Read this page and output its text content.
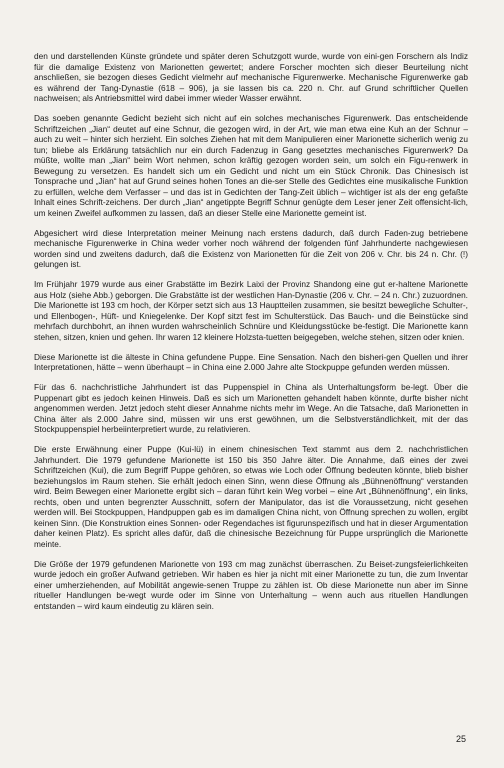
den und darstellenden Künste gründete und später deren Schutzgott wurde, wurde von eini-gen Forschern als Indiz für die damalige Existenz von Marionetten gewertet; andere Forscher mochten sich dieser Beurteilung nicht anschließen, sie bezogen dieses Gedicht vielmehr auf mechanische Figurenwerke. Mechanische Figurenwerke gab es während der Tang-Dynastie (618 – 906), ja sie lassen bis ca. 220 n. Chr. auf Grund schriftlicher Quellen nachweisen; als Antriebsmittel wird dabei immer wieder Wasser erwähnt.

Das soeben genannte Gedicht bezieht sich nicht auf ein solches mechanisches Figurenwerk. Das entscheidende Schriftzeichen „Jian“ deutet auf eine Schnur, die gezogen wird, in der Art, wie man etwa eine Kuh an der Schnur – auch zu weit – hinter sich herzieht. Ein solches Ziehen hat mit dem Manipulieren einer Marionette sicherlich wenig zu tun; bliebe als Erklärung tatsächlich nur ein durch Fadenzug in Gang gesetztes mechanisches Figurenwerk? Da müßte, wollte man „Jian“ beim Wort nehmen, schon kräftig gezogen worden sein, um solch ein Figu-renwerk in Bewegung zu versetzen. Es handelt sich um ein Gedicht und nicht um ein Stück Chronik. Das Chinesisch ist Tonsprache und „Jian“ hat auf Grund seines hohen Tones an die-ser Stelle des Gedichtes eine musikalische Funktion zu erfüllen, welche dem Verfasser – und das ist in Gedichten der Tang-Zeit üblich – wichtiger ist als der eng gefaßte Inhalt eines Schrift-zeichens. Der durch „Jian“ angetippte Begriff Schnur genügte dem Leser jener Zeit offensicht-lich, um keinen Zweifel aufkommen zu lassen, daß an dieser Stelle eine Marionette gemeint ist.

Abgesichert wird diese Interpretation meiner Meinung nach erstens dadurch, daß durch Faden-zug betriebene mechanische Figurenwerke in China weder vorher noch während der folgenden fünf Jahrhunderte nachgewiesen worden sind und zweitens dadurch, daß die Existenz von Marionetten für die Zeit von 206 v. Chr. bis 24 n. Chr. (!) gelungen ist.

Im Frühjahr 1979 wurde aus einer Grabstätte im Bezirk Laixi der Provinz Shandong eine gut er-haltene Marionette aus Holz (siehe Abb.) geborgen. Die Grabstätte ist der westlichen Han-Dynastie (206 v. Chr. – 24 n. Chr.) zuzuordnen. Die Marionette ist 193 cm hoch, der Körper setzt sich aus 13 Hauptteilen zusammen, sie besitzt bewegliche Schulter-, und Ellenbogen-, Hüft- und Kniegelenke. Der Kopf sitzt fest im Schulterstück. Das Bauch- und die Beinstücke sind mehrfach durchbohrt, an ihnen wurden wahrscheinlich Schnüre und Kleidungsstücke be-festigt. Die Marionette kann stehen, sitzen, knien und gehen. Ihr waren 12 kleinere Holzsta-tuetten beigegeben, welche stehen, sitzen oder knien.

Diese Marionette ist die älteste in China gefundene Puppe. Eine Sensation. Nach den bisheri-gen Quellen und ihrer Interpretationen, hätte – wenn überhaupt – in China eine 2.000 Jahre alte Stockpuppe gefunden werden müssen.

Für das 6. nachchristliche Jahrhundert ist das Puppenspiel in China als Unterhaltungsform be-legt. Über die Puppenart gibt es jedoch keinen Hinweis. Daß es sich um Marionetten gehandelt haben könnte, durfte bisher nicht angenommen werden. Jetzt jedoch steht dieser Annahme nichts mehr im Wege. An die Tatsache, daß Marionetten in China älter als 2.000 Jahre sind, müssen wir uns erst gewöhnen, um die Selbstverständlichkeit, mit der das Stockpuppenspiel herbeiinterpretiert wurde, zu relativieren.

Die erste Erwähnung einer Puppe (Kui-lü) in einem chinesischen Text stammt aus dem 2. nachchristlichen Jahrhundert. Die 1979 gefundene Marionette ist 150 bis 350 Jahre älter. Die Annahme, daß eines der zwei Schriftzeichen (Kui), die zum Begriff Puppe gehören, so etwas wie Loch oder Öffnung bedeuten könnte, blieb bisher beziehungslos im Raum stehen. Sie erhält jedoch einen Sinn, wenn diese Öffnung als „Bühnenöffnung“ verstanden wird. Beim Bewegen einer Marionette ergibt sich – daran führt kein Weg vorbei – eine Art „Bühnenöffnung“, ein links, rechts, oben und unten begrenzter Ausschnitt, sofern der Manipulator, das ist die Voraussetzung, nicht gesehen werden will. Bei Stockpuppen, Handpuppen gab es im damaligen China nicht, von Öffnung sprechen zu wollen, ergibt keinen Sinn. (Die Konstruktion eines Sonnen- oder Regendaches ist figurunspezifisch und hat in dieser Argumentation daher keinen Platz). Es spricht alles dafür, daß die chinesische Bezeichnung für Puppe ursprünglich die Marionette meinte.

Die Größe der 1979 gefundenen Marionette von 193 cm mag zunächst überraschen. Zu Beiset-zungsfeierlichkeiten wurde jedoch ein großer Aufwand getrieben. Wir haben es hier ja nicht mit einer Marionette zu tun, die zum Inventar einer umherziehenden, auf Mobilität angewie-senen Truppe zu zählen ist. Ob diese Marionette nun aber im Sinne ritueller Handlungen be-wegt wurde oder im Sinne von Unterhaltung – wenn auch aus rituellen Handlungen entstanden – wird kaum eindeutig zu klären sein.

25
